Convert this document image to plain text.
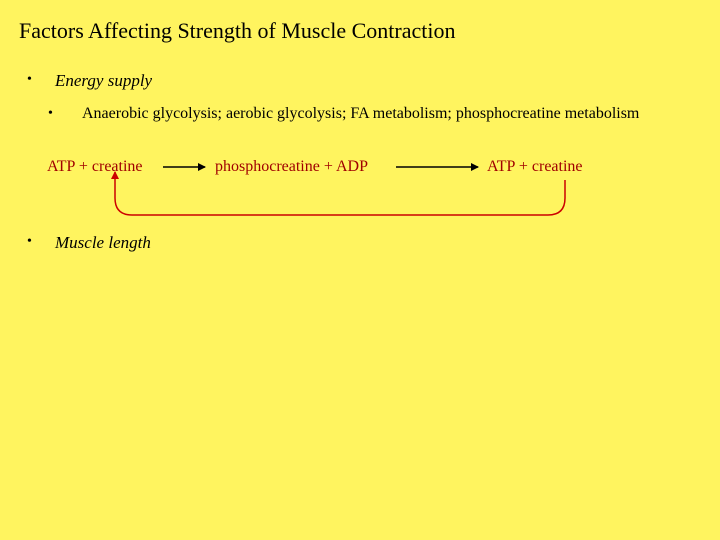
Factors Affecting Strength of Muscle Contraction
• Energy supply
• Anaerobic glycolysis; aerobic glycolysis; FA metabolism; phosphocreatine metabolism
ATP + creatine	phosphocreatine + ADP	ATP + creatine
• Muscle length
